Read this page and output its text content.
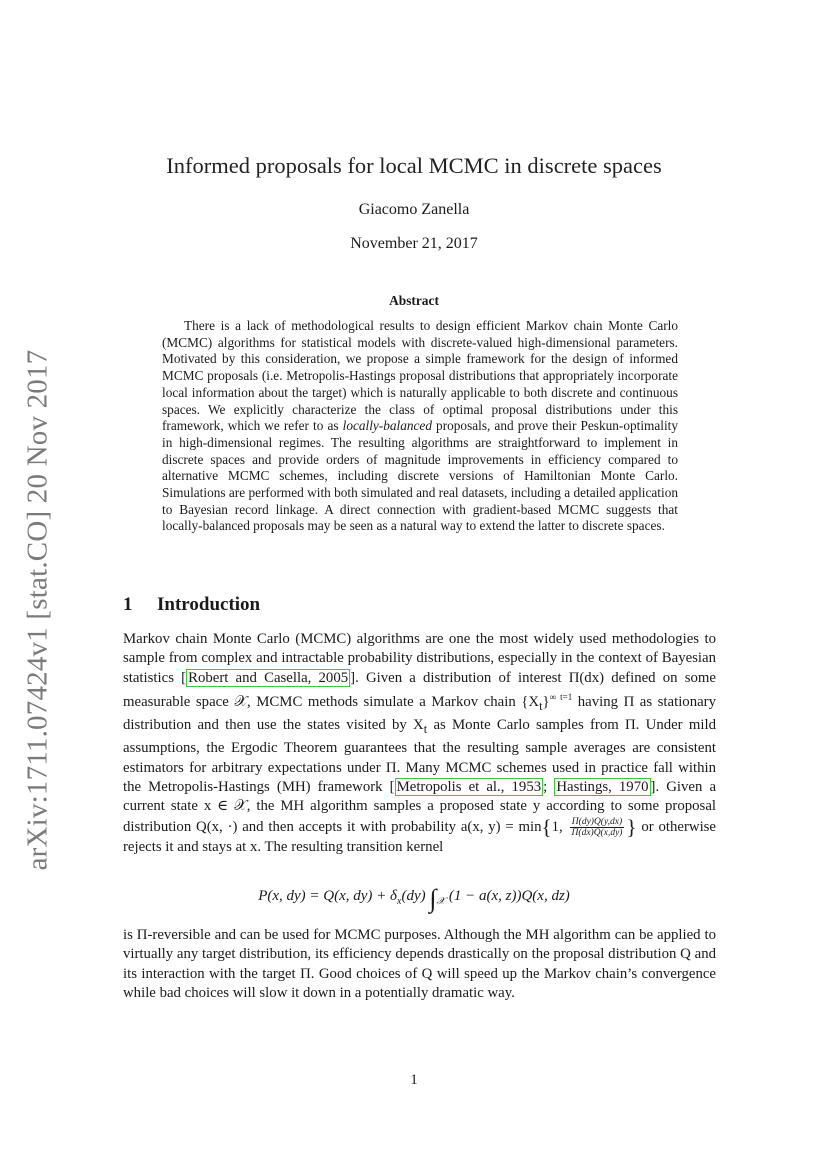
arXiv:1711.07424v1 [stat.CO] 20 Nov 2017
Informed proposals for local MCMC in discrete spaces
Giacomo Zanella
November 21, 2017
Abstract

There is a lack of methodological results to design efficient Markov chain Monte Carlo (MCMC) algorithms for statistical models with discrete-valued high-dimensional parameters. Motivated by this consideration, we propose a simple framework for the design of informed MCMC proposals (i.e. Metropolis-Hastings proposal distributions that appropriately incorporate local information about the target) which is naturally applicable to both discrete and continuous spaces. We explicitly characterize the class of optimal proposal distributions under this framework, which we refer to as locally-balanced proposals, and prove their Peskun-optimality in high-dimensional regimes. The resulting algorithms are straightforward to implement in discrete spaces and provide orders of magnitude improvements in efficiency compared to alternative MCMC schemes, including discrete versions of Hamiltonian Monte Carlo. Simulations are performed with both simulated and real datasets, including a detailed application to Bayesian record linkage. A direct connection with gradient-based MCMC suggests that locally-balanced proposals may be seen as a natural way to extend the latter to discrete spaces.

1 Introduction

Markov chain Monte Carlo (MCMC) algorithms are one the most widely used methodologies to sample from complex and intractable probability distributions, especially in the context of Bayesian statistics [ Robert and Casella, 2005 ]. Given a distribution of interest Π(dx) defined on some measurable space 𝒳, MCMC methods simulate a Markov chain $\{X_t\}^{\infty t=1}$ having Π as stationary distribution and then use the states visited by $X_t$ as Monte Carlo samples from Π. Under mild assumptions, the Ergodic Theorem guarantees that the resulting sample averages are consistent estimators for arbitrary expectations under Π. Many MCMC schemes used in practice fall within the Metropolis-Hastings (MH) framework [ Metropolis et al., 1953 ; Hastings, 1970 ]. Given a current state x ∈ 𝒳, the MH algorithm samples a proposed state y according to some proposal distribution Q(x, ·) and then accepts it with probability a(x, y) = min{1, $\frac{\Pi(dy)Q(y,dx)}{\Pi(dx)Q(x,dy)}$ } or otherwise rejects it and stays at x. The resulting transition kernel

P(x, dy) = Q(x, $dy) + \delta_x(dy)$ $\int_𝒳$ (1 − a(x, z))Q(x, dz)

is Π-reversible and can be used for MCMC purposes. Although the MH algorithm can be applied to virtually any target distribution, its efficiency depends drastically on the proposal distribution Q and its interaction with the target Π. Good choices of Q will speed up the Markov chain’s convergence while bad choices will slow it down in a potentially dramatic way.

1
